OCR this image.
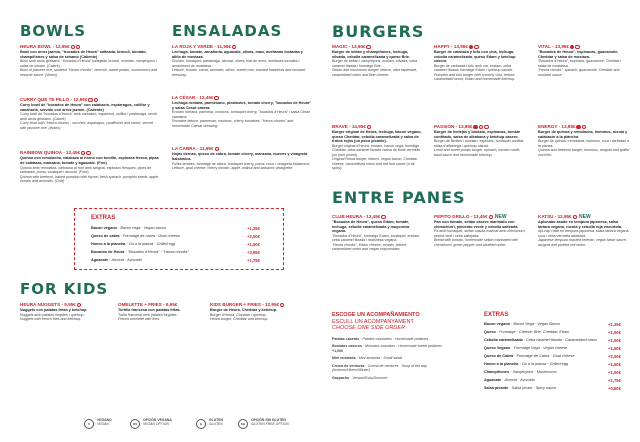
BOWLS	ENSALADAS	BURGERS
ENTRE PANES
FOR KIDS
HEURA BOWL - 12,95€
Bowl con arroz jazmín, "bocados de Heura" salteada, brócoli, boniato, champiñones y salsa de sésamo (Caliente)
Bowl amb arròs gessamí, "bocados d'Heura" saltejada, bròcoli, moniato, xampinyons i salsa de sèsam. (Calent)
Bowl of jasmine rice, sautéed "Heura chunks", broccoli, sweet potato, mushrooms and sesame sauce. (Warm)
CURRY QUE TE PILLO - 12,95€
Curry bowl de "bocados de Heura" con calabacín, espárragos, coliflor y zanahoria, servido con arroz jazmín. (Caliente)
Curry bowl de "bocados d'Heura" amb carbassó, espàrrecs, coliflor i pastanaga, servit amb arròs gessamí. (Calent)
Curry bowl with "Heura chunks", zucchini, asparagus, cauliflower and carrot, served with jasmine rice. (Warm)
RAINBOW QUINOA - 12,45€
Quinoa con remolacha, calabaza al horno con tomillo, espinaca fresca, pipas de calabaza, manzana, tomate y aguacate. (Frío)
Quinoa amb remolatxa, carbassa al forn amb farigola, espinacs fresques, pipes de carbassa, poma, tomàquet i alvocat. (Fred)
Quinoa with beetroot, baked pumpkin with thyme, fresh spinach, pumpkin seeds, apple, tomato and avocado. (Cold)
LA ROJA Y VERDE - 11,95€
Lechuga, tomate, zanahoria, aguacate, olivas, maíz, avellanas tostadas y aliño de mostaza.
Enciam, tomàquet, pastanaga, alvocat, olives, blat de moro, avellanes torrades i amaniment de mostassa.
Lettuce, tomato, carrot, avocado, olives, sweet corn, toasted hazelnuts and mustard dressing.
LA CÉSAR - 12,45€
Lechuga romana, parmesano, picatostes, tomate cherry, "bocados de Heura" y salsa César casera.
Enciam romana, parmesà, crostons, tomàquet cherry, "bocados d'Heura" i salsa César casolana.
Romaine lettuce, parmesan, croutons, cherry tomatoes, "Heura chunks" and homemade Caesar dressing.
LA CABRA - 11,95€
Hojas tiernas, queso de cabra, tomate cherry, manzana, nueces y vinagreta balsámica.
Fulles tendres, formatge de cabra, tomàquet cherry, poma, nous i vinagreta balsàmica.
Lettuce, goat cheese, cherry tomato, apple, walnut and balsamic vinaigrette.
MAGIC - 13,95€
Burger de seitán y champiñones, lechuga, olivada, cebolla caramelizada y queso Brie.
Burger de seitan i xampinyons, enciam, olivada, ceba caramel·litzada i formatge Brie.
Seitan and mushroom burger, lettuce, olive tapenade, caramelised onion and Brie cheese.
HAPPY - 13,95€
Burger de calabaza y tofu con chía, lechuga, cebolla caramelizada, queso Edam y ketchup casero.
Burger de carbassa i tofu amb xia, enciam, ceba caramel·litzada, formatge Edam i quètxup casolà.
Pumpkin and tofu burger with crunchy chia, lettuce, caramelised onion, Edam and homemade ketchup.
VITAL - 13,95€
"Bocados de Heura", espinacas, guacamole, Cheddar y salsa de mostaza.
"Bocados d'Heura", espinacs, guacamole, Cheddar i salsa de mostassa.
"Heura chunks", spinach, guacamole, Cheddar and mustard sauce.
BRAVE - 14,95€
Burger original de Heura, lechuga, bacon vegano, queso Cheddar, cebolla caramelizada y salsa de frutos rojos (un poco picante).
Burger original d'Heura, enciam, bacon vegà, formatge Cheddar, ceba caramel·litzada i salsa de fruits vermells (un punt picant).
Original Heura burger, lettuce, vegan bacon, Cheddar cheese, caramelised onion and red fruit sauce (a bit spicy).
PASSIÓN - 13,95€
Burger de lentejas y boniato, espinacas, tomate confitado, salsa de albahaca y ketchup casero.
Burger de llenties i moniato, espinacs, tomàquet confitat, salsa d'alfàbrega i quètxup casolà.
Lentil and sweet potato burger, spinach, tomato confit, basil sauce and homemade ketchup.
ENERGY - 13,95€
Burger de quinoa y remolacha, hummus, rúcula y calabacín a la plancha.
Burger de quinoa i remolatxa, hummus, ruca i carbassó a la planxa.
Quinoa and beetroot burger, hummus, arugula and grilled zucchini.
CLUB HEURA - 13,45€
"Bocados de Heura", queso Edam, tomate, lechuga, cebolla caramelizada y mayonesa vegana.
"Bocados d'Heura", formatge Edam, tomàquet, enciam, ceba caramel·litzada i maionesa vegana.
"Heura chunks", Edam cheese, tomato, lettuce, caramelised onion and vegan mayonnaise.
PEPITO GRILLO - 13,45€ NEW
Pan con tomate, seitán casero marinado con chimichurri, pimiento verde y cebolla salteada.
Pa amb tomàquet, seitan casolà marinat amb chimichurri, pebrot verd i ceba saltejada.
Bread with tomato, homemade seitan marinated with chimichurri, green pepper and sautéed onion.
KATSU - 12,95€ NEW
Apionabo asado en tempura japonesa, salsa tártara vegana, rúcula y cebolla roja encurtida.
Api-nap rostit en tempura japonesa, salsa tàrtara vegana, ruca i ceba vermella adobada.
Japanese tempura roasted celeriac, vegan tartar sauce, arugula and pickled red onion.
EXTRAS
Bacon vegano · Bacon vegà · Vegan bacon	+1,35€
Queso de cabra · Formatge de cabra · Goat cheese	+2,00€
Huevo a la plancha · Ou a la planxa · Grilled egg	+1,50€
Bocados de Heura · "Bocados d'Heura" · "Heura chunks"	+3,95€
Aguacate · Alvocat · Avocado	+1,75€
HEURA NUGGETS - 9,95€
Nuggets con patatas fritas y ketchup.
Nuggets amb patates fregides i quètxup.
Nuggets with french fries and ketchup.
OMELETTE + FRIES - 9,95€
Tortilla francesa con patatas fritas.
Truita francesa amb patates fregides.
French omelette with fries.
KIDS BURGER + FRIES - 12,95€
Burger de Heura, Cheddar y ketchup.
Burger d'Heura, Cheddar i quètxup.
Heura burger, Cheddar and ketchup.
V
VEGANO
VEGAN	OV
OPCIÓN VEGANA
VEGAN OPTION	G
GLUTEN
GLUTEN	SG
OPCIÓN SIN GLUTEN
GLUTEN FREE OPTION
ESCOGE UN ACOMPAÑAMIENTO
ESCULL UN ACOMPANYAMENT
CHOOSE ONE SIDE ORDER
Patatas caseras · Patates casolanes · Homemade potatoes
Boniatos caseros · Moniatos casolans · Homemade sweet potatoes +1,00€
Mini ensalada · Mini amanida · Small salad
Crema de verduras · Crema de verdures · Soup of the day (Invierno/Hivern/Winter)
Gazpacho · Verano/Estiu/Summer
EXTRAS
Bacon vegano · Bacon Vegà · Vegan Bacon	+1,35€
Queso · Formatge · Cheese: Brie, Cheddar, Edam	+1,00€
Cebolla caramelizada · Ceba caramel·litzada · Caramelized onion	+1,00€
Queso Vegano · Formatge Vegà · Vegan cheese	+1,50€
Queso de Cabra · Formatge de Cabra · Goat cheese	+2,00€
Huevo a la plancha · Ou a la planxa · Grilled egg	+1,50€
Champiñones · Xampinyons · Mushrooms	+1,00€
Aguacate · Alvocat · Avocado	+1,75€
Salsa picante · Salsa picant · Spicy sauce	+0,50€
